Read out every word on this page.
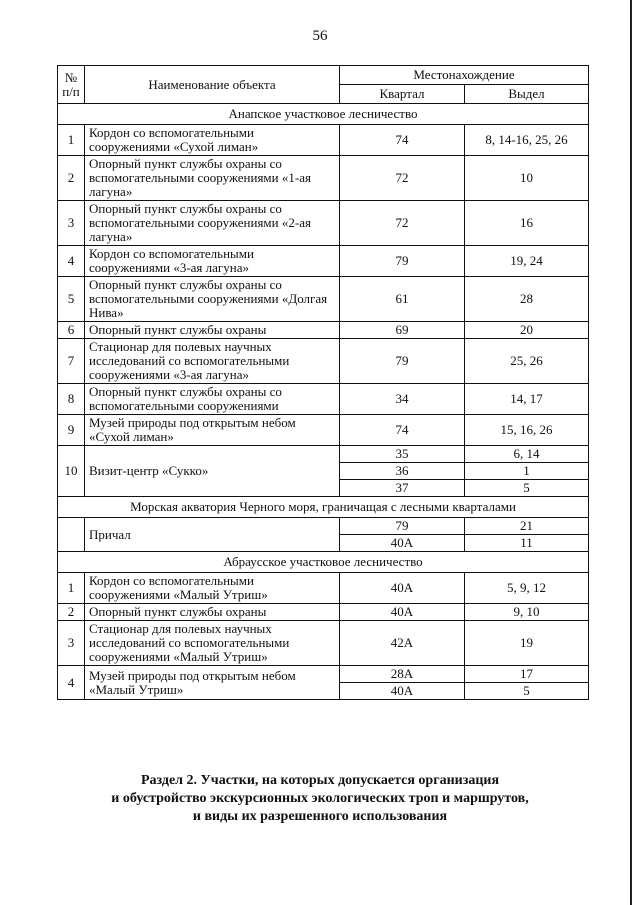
56
№ п/п	Наименование объекта	Местонахождение	
		Квартал	Выдел
Анапское участковое лесничество			
1	Кордон со вспомогательными сооружениями «Сухой лиман»	74	8, 14-16, 25, 26
2	Опорный пункт службы охраны со вспомогательными сооружениями «1-ая лагуна»	72	10
3	Опорный пункт службы охраны со вспомогательными сооружениями «2-ая лагуна»	72	16
4	Кордон со вспомогательными сооружениями «3-ая лагуна»	79	19, 24
5	Опорный пункт службы охраны со вспомогательными сооружениями «Долгая Нива»	61	28
6	Опорный пункт службы охраны	69	20
7	Стационар для полевых научных исследований со вспомогательными сооружениями «3-ая лагуна»	79	25, 26
8	Опорный пункт службы охраны со вспомогательными сооружениями	34	14, 17
9	Музей природы под открытым небом «Сухой лиман»	74	15, 16, 26
10	Визит-центр «Сукко»	35	6, 14
		36	1
		37	5
Морская акватория Черного моря, граничащая с лесными кварталами			
	Причал	79	21
		40А	11
Абраусское участковое лесничество			
1	Кордон со вспомогательными сооружениями «Малый Утриш»	40А	5, 9, 12
2	Опорный пункт службы охраны	40А	9, 10
3	Стационар для полевых научных исследований со вспомогательными сооружениями «Малый Утриш»	42А	19
4	Музей природы под открытым небом «Малый Утриш»	28А	17
		40А	5
Раздел 2. Участки, на которых допускается организация
и обустройство экскурсионных экологических троп и маршрутов,
и виды их разрешенного использования
